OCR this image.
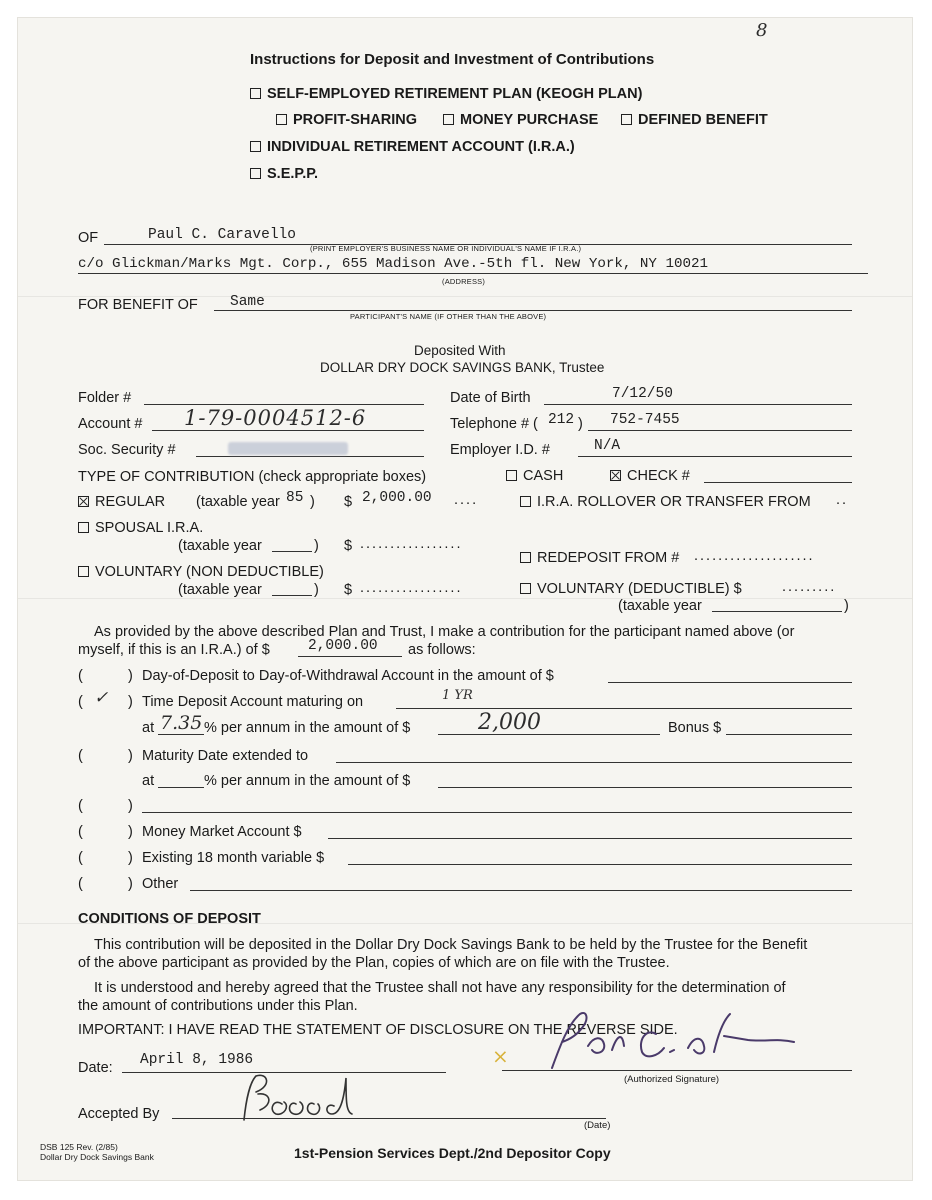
8
Instructions for Deposit and Investment of Contributions
SELF-EMPLOYED RETIREMENT PLAN (KEOGH PLAN)
PROFIT-SHARING	MONEY PURCHASE	DEFINED BENEFIT
INDIVIDUAL RETIREMENT ACCOUNT (I.R.A.)
S.E.P.P.
OF	Paul C. Caravello
(PRINT EMPLOYER'S BUSINESS NAME OR INDIVIDUAL'S NAME IF I.R.A.)
c/o Glickman/Marks Mgt. Corp., 655 Madison Ave.-5th fl. New York, NY 10021
(ADDRESS)
FOR BENEFIT OF Same
PARTICIPANT'S NAME (IF OTHER THAN THE ABOVE)
Deposited With
DOLLAR DRY DOCK SAVINGS BANK, Trustee
Folder #	Date of Birth	7/12/50
Account # 1-79-0004512-6	Telephone # ( 212 ) 752-7455
Soc. Security #	Employer I.D. #	N/A
TYPE OF CONTRIBUTION (check appropriate boxes)	CASH	CHECK #
REGULAR (taxable year 85 ) $ 2,000.00 ....	I.R.A. ROLLOVER OR TRANSFER FROM ..
SPOUSAL I.R.A.
(taxable year	) $ .................
REDEPOSIT FROM # ....................
VOLUNTARY (NON DEDUCTIBLE)
(taxable year	) $ .................	VOLUNTARY (DEDUCTIBLE) $	.........
(taxable year	)
As provided by the above described Plan and Trust, I make a contribution for the participant named above (or
myself, if this is an I.R.A.) of $	2,000.00 as follows:
(	) Day-of-Deposit to Day-of-Withdrawal Account in the amount of $
( ✓ ) Time Deposit Account maturing on	1 YR
at 7.35 % per annum in the amount of $	2,000	Bonus $
(	) Maturity Date extended to
at	% per annum in the amount of $
(	)
(	) Money Market Account $
(	) Existing 18 month variable $
(	) Other
CONDITIONS OF DEPOSIT
This contribution will be deposited in the Dollar Dry Dock Savings Bank to be held by the Trustee for the Benefit
of the above participant as provided by the Plan, copies of which are on file with the Trustee.
It is understood and hereby agreed that the Trustee shall not have any responsibility for the determination of
the amount of contributions under this Plan.
IMPORTANT: I HAVE READ THE STATEMENT OF DISCLOSURE ON THE REVERSE SIDE.
Date: April 8, 1986	×
(Authorized Signature)
Accepted By
(Date)
DSB 125 Rev. (2/85)
Dollar Dry Dock Savings Bank	1st-Pension Services Dept./2nd Depositor Copy
